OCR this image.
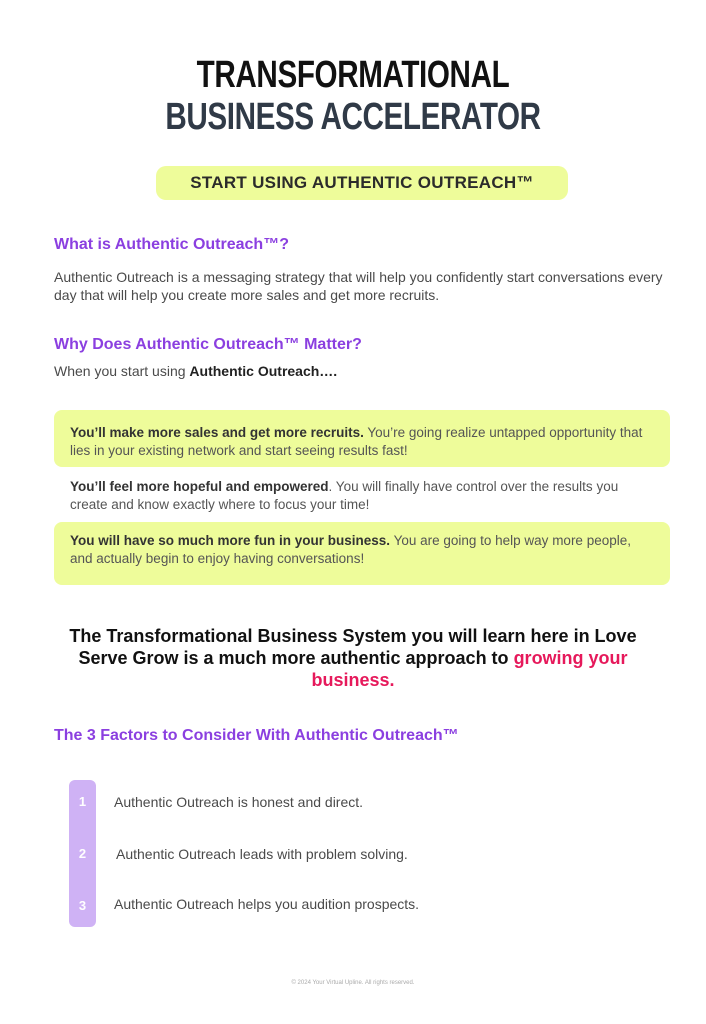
TRANSFORMATIONAL
BUSINESS ACCELERATOR
START USING AUTHENTIC OUTREACH™
What is Authentic Outreach™?
Authentic Outreach is a messaging strategy that will help you confidently start conversations every day that will help you create more sales and get more recruits.
Why Does Authentic Outreach™ Matter?
When you start using Authentic Outreach….
You’ll make more sales and get more recruits. You’re going realize untapped opportunity that lies in your existing network and start seeing results fast!
You’ll feel more hopeful and empowered. You will finally have control over the results you create and know exactly where to focus your time!
You will have so much more fun in your business. You are going to help way more people, and actually begin to enjoy having conversations!
The Transformational Business System you will learn here in Love Serve Grow is a much more authentic approach to growing your business.
The 3 Factors to Consider With Authentic Outreach™
1
2
3
Authentic Outreach is honest and direct.
Authentic Outreach leads with problem solving.
Authentic Outreach helps you audition prospects.
© 2024 Your Virtual Upline. All rights reserved.
